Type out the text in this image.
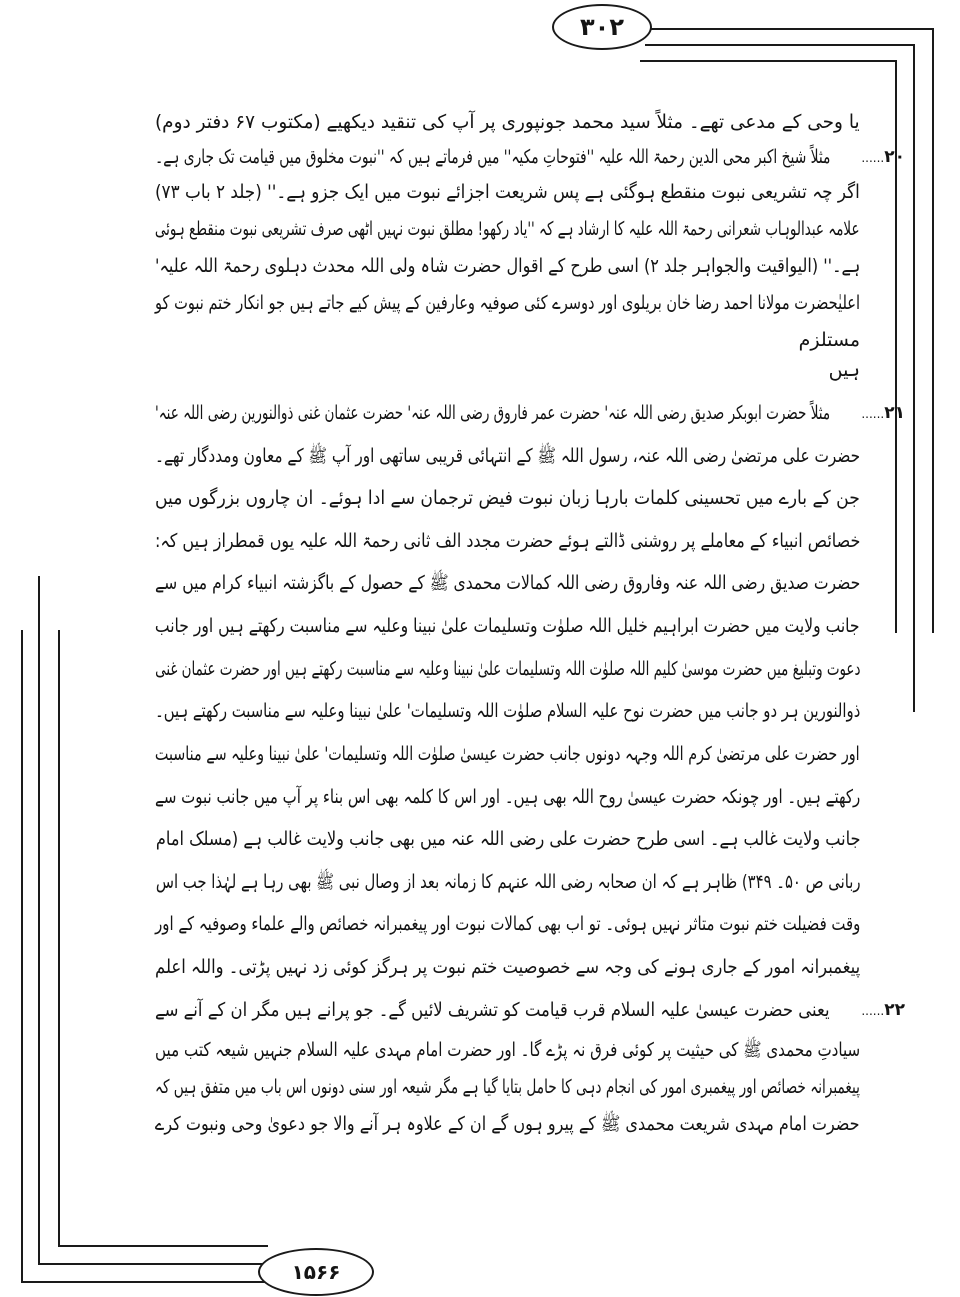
۳۰۲
۱۵۶۶
۲۰......
۲۱......
۲۲......
یا وحی کے مدعی تھے۔ مثلاً سید محمد جونپوری پر آپ کی تنقید دیکھیے (مکتوب ۶۷ دفتر دوم)
مثلاً شیخ اکبر محی الدین رحمۃ اللہ علیہ ''فتوحاتِ مکیہ'' میں فرماتے ہیں کہ ''نبوت مخلوق میں قیامت تک جاری ہے۔
اگر چہ تشریعی نبوت منقطع ہوگئی ہے پس شریعت اجزائے نبوت میں ایک جزو ہے۔'' (جلد ۲ باب ۷۳)
علامہ عبدالوہاب شعرانی رحمۃ اللہ علیہ کا ارشاد ہے کہ ''یاد رکھو! مطلق نبوت نہیں اٹھی صرف تشریعی نبوت منقطع ہوئی
ہے۔'' (الیواقیت والجواہر جلد ۲) اسی طرح کے اقوال حضرت شاہ ولی اللہ محدث دہلوی رحمۃ اللہ علیہ'
اعلیٰحضرت مولانا احمد رضا خان بریلوی اور دوسرے کئی صوفیہ وعارفین کے پیش کیے جاتے ہیں جو انکار ختم نبوت کو
مستلزم
ہیں
مثلاً حضرت ابوبکر صدیق رضی اللہ عنہ' حضرت عمر فاروق رضی اللہ عنہ' حضرت عثمان غنی ذوالنورین رضی اللہ عنہ'
حضرت علی مرتضیٰ رضی اللہ عنہ، رسول اللہ ﷺ کے انتہائی قریبی ساتھی اور آپ ﷺ کے معاون ومددگار تھے۔
جن کے بارے میں تحسینی کلمات بارہا زبان نبوت فیض ترجمان سے ادا ہوئے۔ ان چاروں بزرگوں میں
خصائص انبیاء کے معاملے پر روشنی ڈالتے ہوئے حضرت مجدد الف ثانی رحمۃ اللہ علیہ یوں قمطراز ہیں کہ:
حضرت صدیق رضی اللہ عنہ وفاروق رضی اللہ کمالات محمدی ﷺ کے حصول کے باگزشتہ انبیاء کرام میں سے
جانب ولایت میں حضرت ابراہیم خلیل اللہ صلوٰت وتسلیمات علیٰ نبینا وعلیہ سے مناسبت رکھتے ہیں اور جانب
دعوت وتبلیغ میں حضرت موسیٰ کلیم اللہ صلوٰت اللہ وتسلیمات علیٰ نبینا وعلیہ سے مناسبت رکھتے ہیں اور حضرت عثمان غنی
ذوالنورین ہر دو جانب میں حضرت نوح علیہ السلام صلوٰت اللہ وتسلیمات' علیٰ نبینا وعلیہ سے مناسبت رکھتے ہیں۔
اور حضرت علی مرتضیٰ کرم اللہ وجہہ دونوں جانب حضرت عیسیٰ صلوٰت اللہ وتسلیمات' علیٰ نبینا وعلیہ سے مناسبت
رکھتے ہیں۔ اور چونکہ حضرت عیسیٰ روح اللہ بھی ہیں۔ اور اس کا کلمہ بھی اس بناء پر آپ میں جانب نبوت سے
جانب ولایت غالب ہے۔ اسی طرح حضرت علی رضی اللہ عنہ میں بھی جانب ولایت غالب ہے (مسلک امام
ربانی ص ۵۰۔ ۳۴۹) ظاہر ہے کہ ان صحابہ رضی اللہ عنہم کا زمانہ بعد از وصال نبی ﷺ بھی رہا ہے لہٰذا جب اس
وقت فضیلت ختم نبوت متاثر نہیں ہوئی۔ تو اب بھی کمالات نبوت اور پیغمبرانہ خصائص والے علماء وصوفیہ کے اور
پیغمبرانہ امور کے جاری ہونے کی وجہ سے خصوصیت ختم نبوت پر ہرگز کوئی زد نہیں پڑتی۔ واللہ اعلم
یعنی حضرت عیسیٰ علیہ السلام قرب قیامت کو تشریف لائیں گے۔ جو پرانے ہیں مگر ان کے آنے سے
سیادتِ محمدی ﷺ کی حیثیت پر کوئی فرق نہ پڑے گا۔ اور حضرت امام مہدی علیہ السلام جنہیں شیعہ کتب میں
پیغمبرانہ خصائص اور پیغمبری امور کی انجام دہی کا حامل بتایا گیا ہے مگر شیعہ اور سنی دونوں اس باب میں متفق ہیں کہ
حضرت امام مہدی شریعت محمدی ﷺ کے پیرو ہوں گے ان کے علاوہ ہر آنے والا جو دعویٰ وحی ونبوت کرے
